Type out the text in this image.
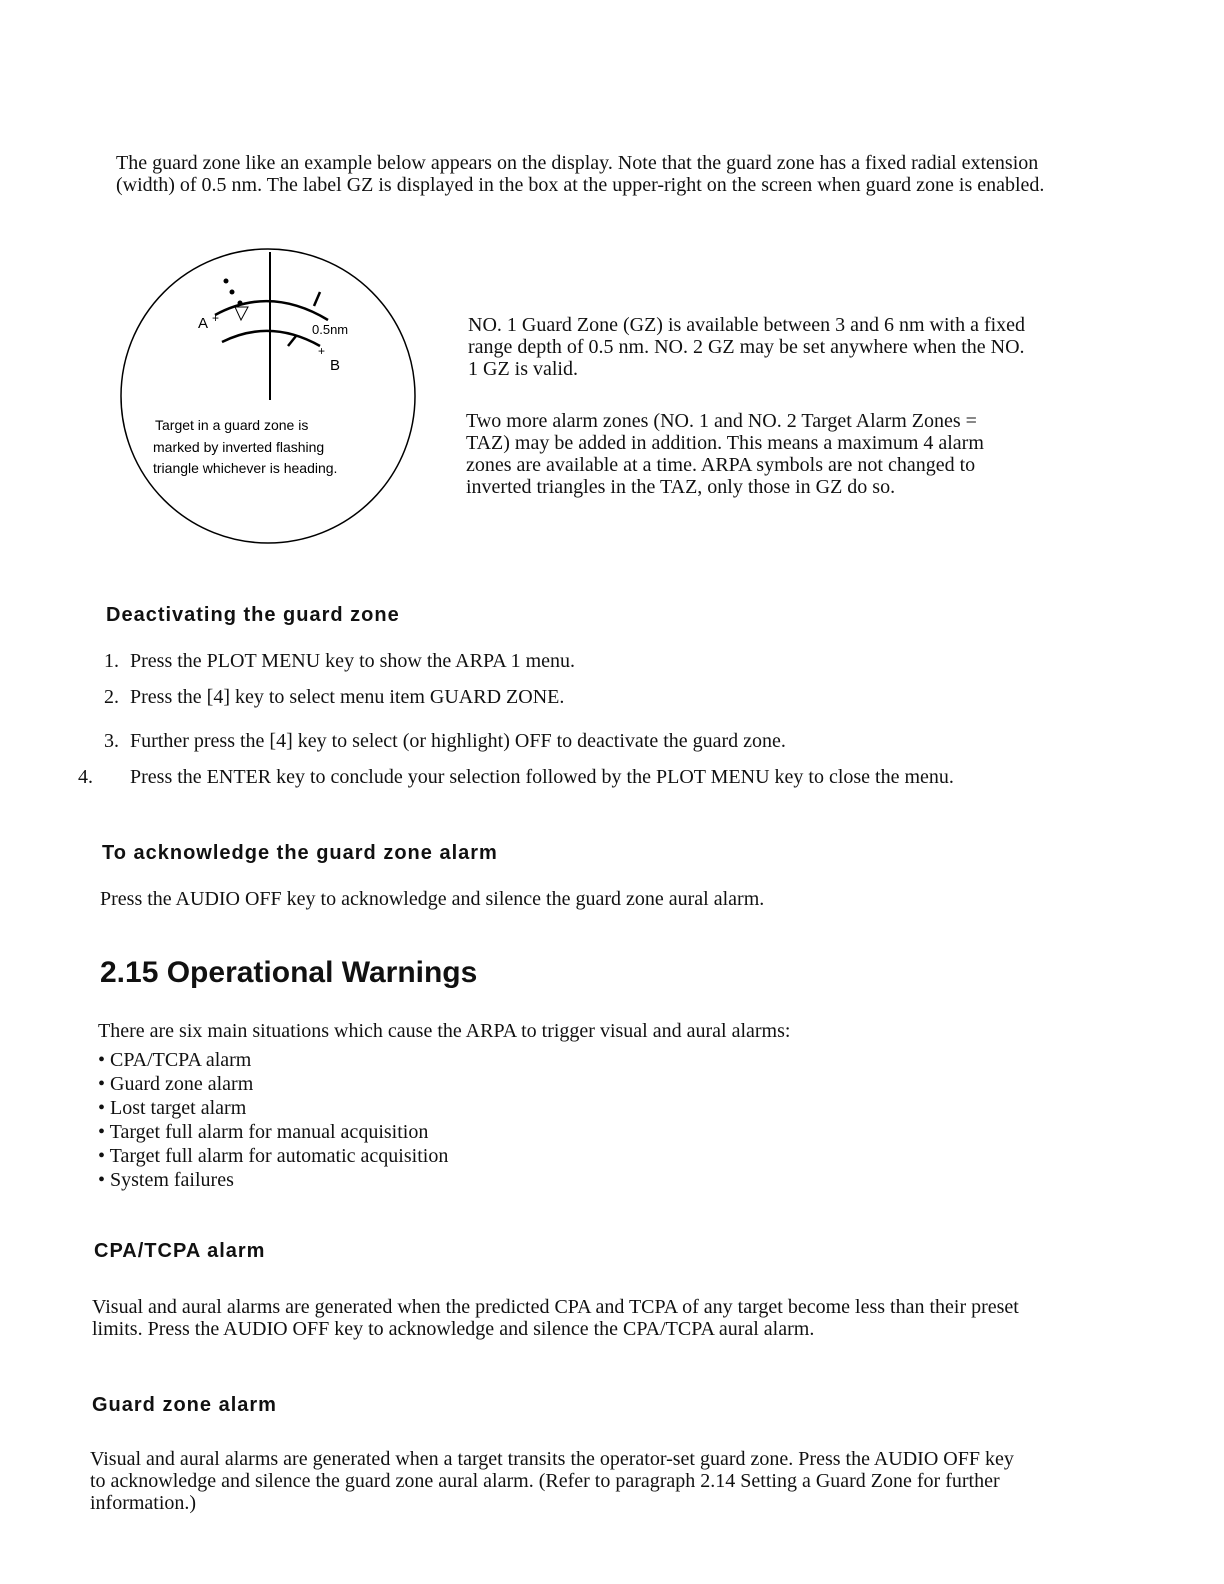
The guard zone like an example below appears on the display. Note that the guard zone has a fixed radial extension (width) of 0.5 nm. The label GZ is displayed in the box at the upper-right on the screen when guard zone is enabled.

A +
0.5nm
+
B
Target in a guard zone is
marked by inverted flashing
triangle whichever is heading.

NO. 1 Guard Zone (GZ) is available between 3 and 6 nm with a fixed range depth of 0.5 nm. NO. 2 GZ may be set anywhere when the NO. 1 GZ is valid.

Two more alarm zones (NO. 1 and NO. 2 Target Alarm Zones = TAZ) may be added in addition. This means a maximum 4 alarm zones are available at a time. ARPA symbols are not changed to inverted triangles in the TAZ, only those in GZ do so.

Deactivating the guard zone
1. Press the PLOT MENU key to show the ARPA 1 menu.
2. Press the [4] key to select menu item GUARD ZONE.
3. Further press the [4] key to select (or highlight) OFF to deactivate the guard zone.
4. Press the ENTER key to conclude your selection followed by the PLOT MENU key to close the menu.
To acknowledge the guard zone alarm

Press the AUDIO OFF key to acknowledge and silence the guard zone aural alarm.

2.15 Operational Warnings

There are six main situations which cause the ARPA to trigger visual and aural alarms:

• CPA/TCPA alarm
• Guard zone alarm
• Lost target alarm
• Target full alarm for manual acquisition
• Target full alarm for automatic acquisition
• System failures
CPA/TCPA alarm

Visual and aural alarms are generated when the predicted CPA and TCPA of any target become less than their preset limits. Press the AUDIO OFF key to acknowledge and silence the CPA/TCPA aural alarm.

Guard zone alarm

Visual and aural alarms are generated when a target transits the operator-set guard zone. Press the AUDIO OFF key to acknowledge and silence the guard zone aural alarm. (Refer to paragraph 2.14 Setting a Guard Zone for further information.)
